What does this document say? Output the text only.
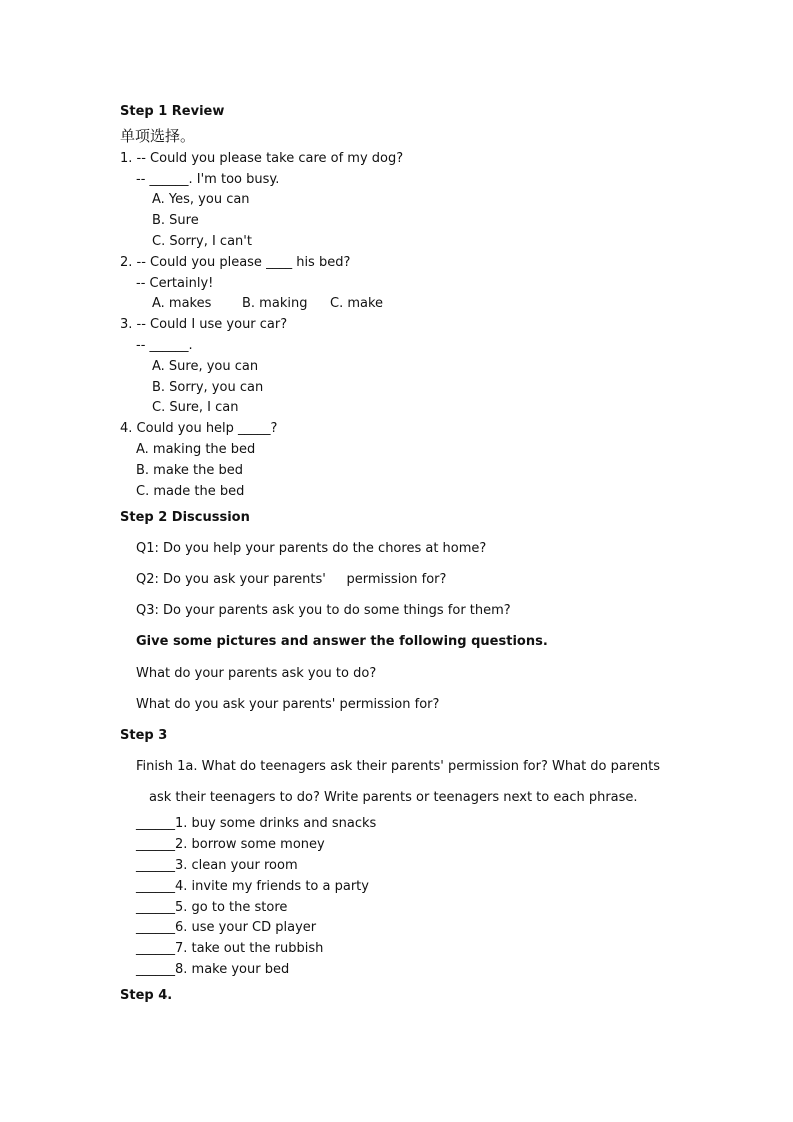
Step 1 Review
单项选择。
1. -- Could you please take care of my dog?
-- ______. I'm too busy.
A. Yes, you can
B. Sure
C. Sorry, I can't
2. -- Could you please ____ his bed?
-- Certainly!
A. makes B. making C. make
3. -- Could I use your car?
-- ______.
A. Sure, you can
B. Sorry, you can
C. Sure, I can
4. Could you help _____?
A. making the bed
B. make the bed
C. made the bed
Step 2 Discussion
Q1: Do you help your parents do the chores at home?
Q2: Do you ask your parents'     permission for?
Q3: Do your parents ask you to do some things for them?
Give some pictures and answer the following questions.
What do your parents ask you to do?
What do you ask your parents' permission for?
Step 3
Finish 1a. What do teenagers ask their parents' permission for? What do parents
ask their teenagers to do? Write parents or teenagers next to each phrase.
______1. buy some drinks and snacks
______2. borrow some money
______3. clean your room
______4. invite my friends to a party
______5. go to the store
______6. use your CD player
______7. take out the rubbish
______8. make your bed
Step 4.
